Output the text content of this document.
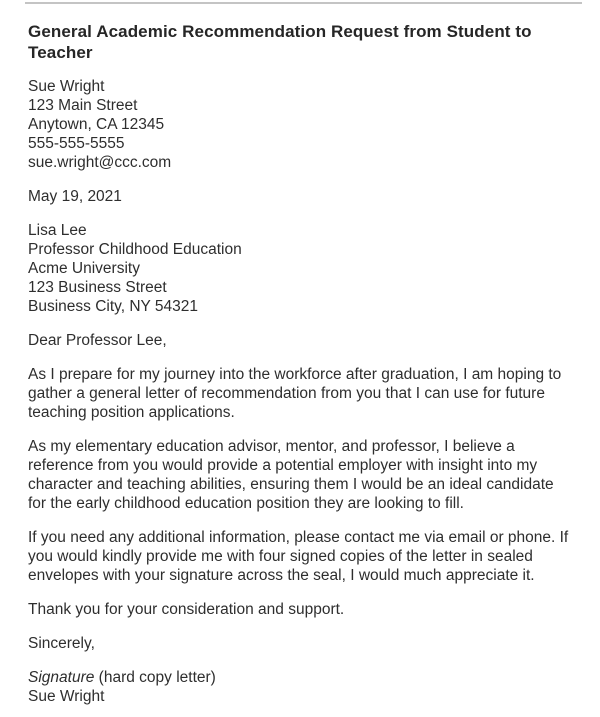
General Academic Recommendation Request from Student to Teacher
Sue Wright
123 Main Street
Anytown, CA 12345
555-555-5555
sue.wright@ccc.com
May 19, 2021
Lisa Lee
Professor Childhood Education
Acme University
123 Business Street
Business City, NY 54321
Dear Professor Lee,

As I prepare for my journey into the workforce after graduation, I am hoping to gather a general letter of recommendation from you that I can use for future teaching position applications.

As my elementary education advisor, mentor, and professor, I believe a reference from you would provide a potential employer with insight into my character and teaching abilities, ensuring them I would be an ideal candidate for the early childhood education position they are looking to fill.

If you need any additional information, please contact me via email or phone. If you would kindly provide me with four signed copies of the letter in sealed envelopes with your signature across the seal, I would much appreciate it.

Thank you for your consideration and support.
Sincerely,
Signature (hard copy letter)
Sue Wright
